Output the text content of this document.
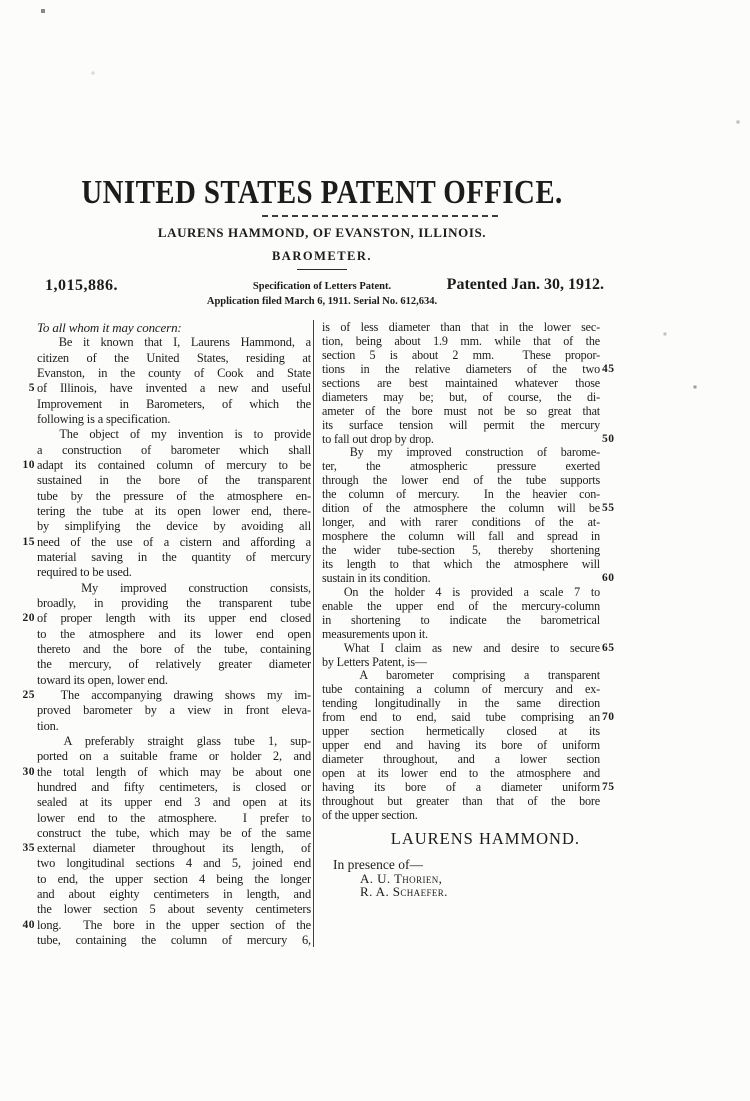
UNITED STATES PATENT OFFICE.
LAURENS HAMMOND, OF EVANSTON, ILLINOIS.
BAROMETER.
1,015,886.	Specification of Letters Patent.	Patented Jan. 30, 1912.
Application filed March 6, 1911. Serial No. 612,634.
To all whom it may concern:
Be it known that I, Laurens Hammond, a
citizen of the United States, residing at
Evanston, in the county of Cook and State
of Illinois, have invented a new and useful
5
Improvement in Barometers, of which the
following is a specification.
The object of my invention is to provide
a construction of barometer which shall
adapt its contained column of mercury to be
10
sustained in the bore of the transparent
tube by the pressure of the atmosphere en-
tering the tube at its open lower end, there-
by simplifying the device by avoiding all
need of the use of a cistern and affording a
15
material saving in the quantity of mercury
required to be used.
My improved construction consists,
broadly, in providing the transparent tube
of proper length with its upper end closed
20
to the atmosphere and its lower end open
thereto and the bore of the tube, containing
the mercury, of relatively greater diameter
toward its open, lower end.
The accompanying drawing shows my im-
25
proved barometer by a view in front eleva-
tion.
A preferably straight glass tube 1, sup-
ported on a suitable frame or holder 2, and
the total length of which may be about one
30
hundred and fifty centimeters, is closed or
sealed at its upper end 3 and open at its
lower end to the atmosphere.  I prefer to
construct the tube, which may be of the same
external diameter throughout its length, of
35
two longitudinal sections 4 and 5, joined end
to end, the upper section 4 being the longer
and about eighty centimeters in length, and
the lower section 5 about seventy centimeters
long.  The bore in the upper section of the
40
tube, containing the column of mercury 6,
is of less diameter than that in the lower sec-
tion, being about 1.9 mm. while that of the
section 5 is about 2 mm.  These propor-
tions in the relative diameters of the two 45
sections are best maintained whatever those
diameters may be; but, of course, the di-
ameter of the bore must not be so great that
its surface tension will permit the mercury
to fall out drop by drop.	50
By my improved construction of barome-
ter, the atmospheric pressure exerted
through the lower end of the tube supports
the column of mercury.  In the heavier con-
dition of the atmosphere the column will be 55
longer, and with rarer conditions of the at-
mosphere the column will fall and spread in
the wider tube-section 5, thereby shortening
its length to that which the atmosphere will
sustain in its condition.	60
On the holder 4 is provided a scale 7 to
enable the upper end of the mercury-column
in shortening to indicate the barometrical
measurements upon it.
What I claim as new and desire to secure 65
by Letters Patent, is—
A barometer comprising a transparent
tube containing a column of mercury and ex-
tending longitudinally in the same direction
from end to end, said tube comprising an 70
upper section hermetically closed at its
upper end and having its bore of uniform
diameter throughout, and a lower section
open at its lower end to the atmosphere and
having its bore of a diameter uniform 75
throughout but greater than that of the bore
of the upper section.
LAURENS HAMMOND.
In presence of—
A. U. Thorien,
R. A. Schaefer.
